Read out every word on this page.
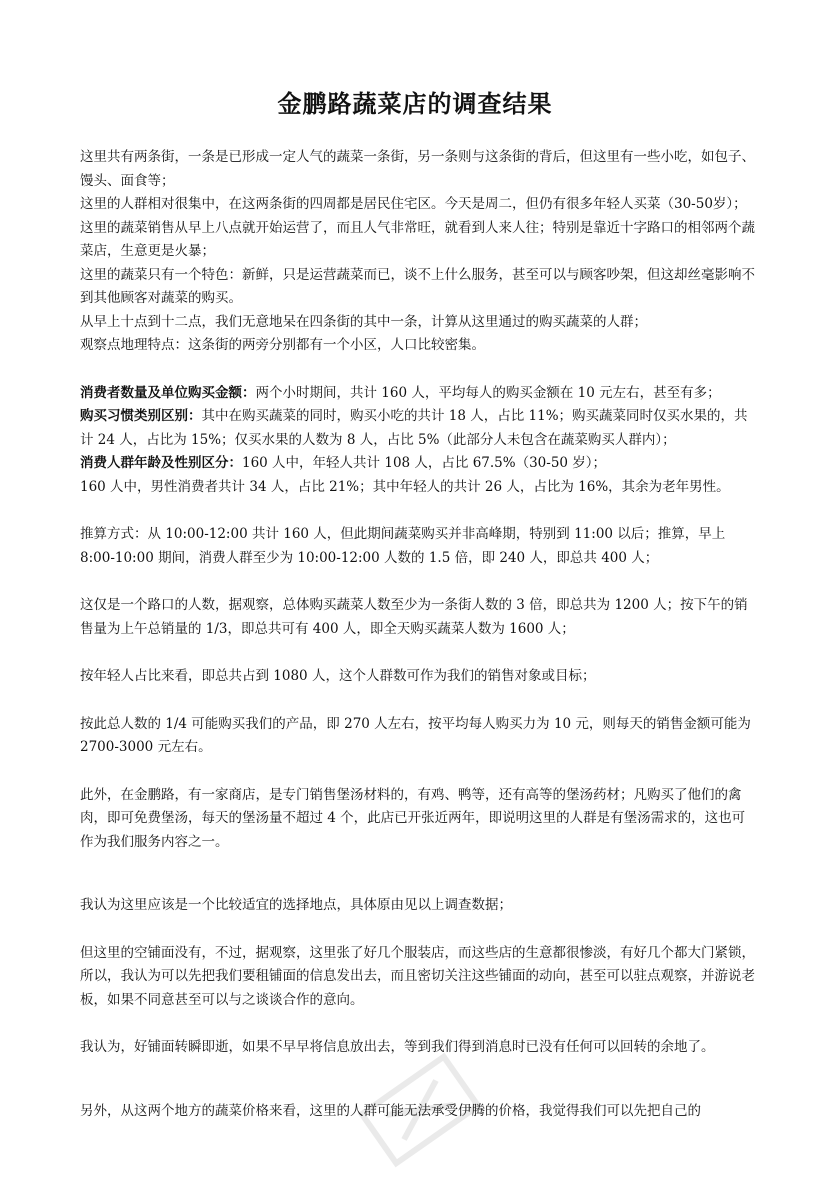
金鹏路蔬菜店的调查结果

这里共有两条街，一条是已形成一定人气的蔬菜一条街，另一条则与这条街的背后，但这里有一些小吃，如包子、馒头、面食等；

这里的人群相对很集中，在这两条街的四周都是居民住宅区。今天是周二，但仍有很多年轻人买菜（30-50岁）；

这里的蔬菜销售从早上八点就开始运营了，而且人气非常旺，就看到人来人往；特别是靠近十字路口的相邻两个蔬菜店，生意更是火暴；

这里的蔬菜只有一个特色：新鲜，只是运营蔬菜而已，谈不上什么服务，甚至可以与顾客吵架，但这却丝毫影响不到其他顾客对蔬菜的购买。

从早上十点到十二点，我们无意地呆在四条街的其中一条，计算从这里通过的购买蔬菜的人群；

观察点地理特点：这条街的两旁分别都有一个小区，人口比较密集。

消费者数量及单位购买金额：两个小时期间，共计 160 人，平均每人的购买金额在 10 元左右，甚至有多；

购买习惯类别区别：其中在购买蔬菜的同时，购买小吃的共计 18 人，占比 11%；购买蔬菜同时仅买水果的，共计 24 人，占比为 15%；仅买水果的人数为 8 人，占比 5%（此部分人未包含在蔬菜购买人群内）；

消费人群年龄及性别区分：160 人中，年轻人共计 108 人，占比 67.5%（30-50 岁）；

160 人中，男性消费者共计 34 人，占比 21%；其中年轻人的共计 26 人，占比为 16%，其余为老年男性。

推算方式：从 10:00-12:00 共计 160 人，但此期间蔬菜购买并非高峰期，特别到 11:00 以后；推算，早上 8:00-10:00 期间，消费人群至少为 10:00-12:00 人数的 1.5 倍，即 240 人，即总共 400 人；

这仅是一个路口的人数，据观察，总体购买蔬菜人数至少为一条街人数的 3 倍，即总共为 1200 人；按下午的销售量为上午总销量的 1/3，即总共可有 400 人，即全天购买蔬菜人数为 1600 人；

按年轻人占比来看，即总共占到 1080 人，这个人群数可作为我们的销售对象或目标；

按此总人数的 1/4 可能购买我们的产品，即 270 人左右，按平均每人购买力为 10 元，则每天的销售金额可能为 2700-3000 元左右。

此外，在金鹏路，有一家商店，是专门销售堡汤材料的，有鸡、鸭等，还有高等的堡汤药材；凡购买了他们的禽肉，即可免费堡汤，每天的堡汤量不超过 4 个，此店已开张近两年，即说明这里的人群是有堡汤需求的，这也可作为我们服务内容之一。

我认为这里应该是一个比较适宜的选择地点，具体原由见以上调查数据；

但这里的空铺面没有，不过，据观察，这里张了好几个服装店，而这些店的生意都很惨淡，有好几个都大门紧锁，所以，我认为可以先把我们要租铺面的信息发出去，而且密切关注这些铺面的动向，甚至可以驻点观察，并游说老板，如果不同意甚至可以与之谈谈合作的意向。

我认为，好铺面转瞬即逝，如果不早早将信息放出去，等到我们得到消息时已没有任何可以回转的余地了。

另外，从这两个地方的蔬菜价格来看，这里的人群可能无法承受伊腾的价格，我觉得我们可以先把自己的
